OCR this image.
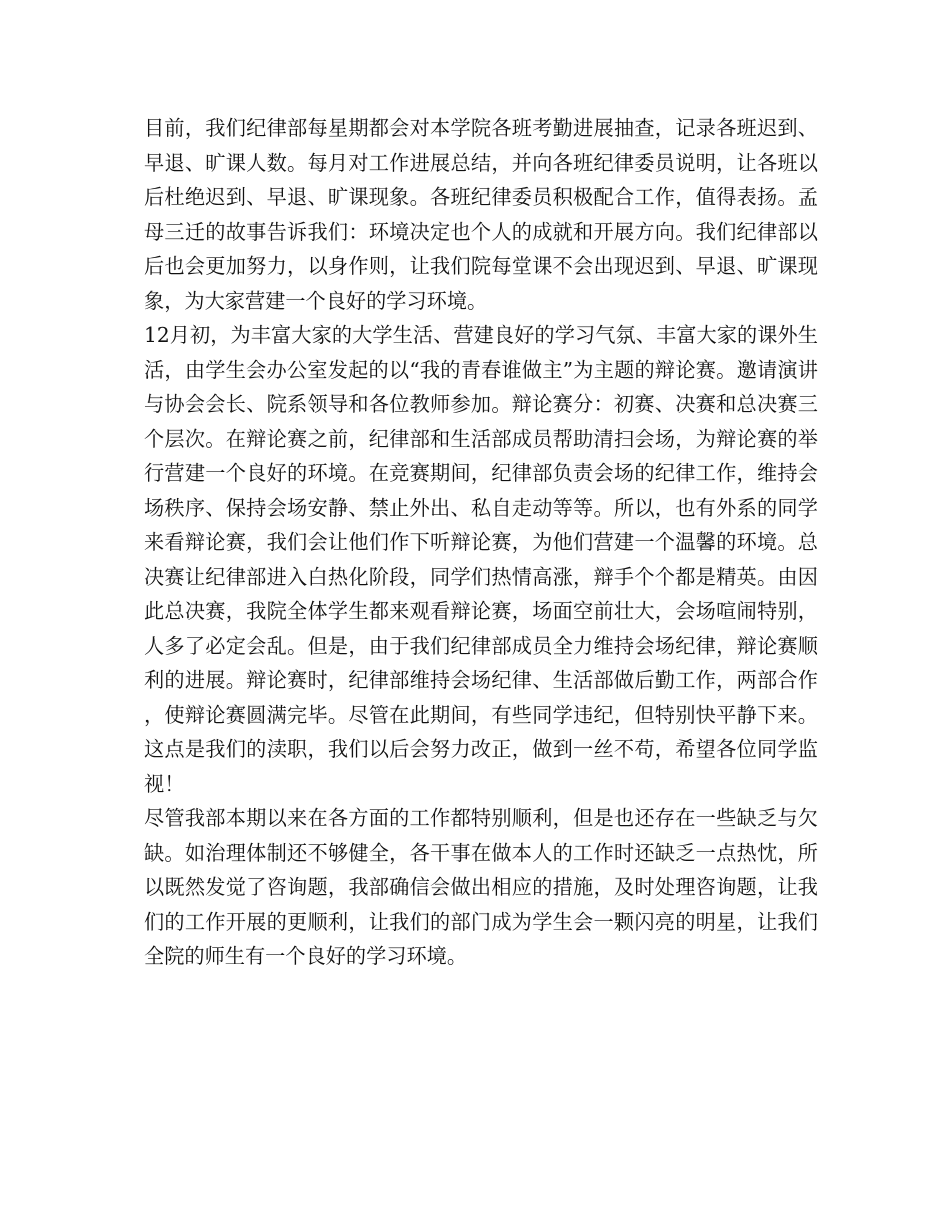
目前，我们纪律部每星期都会对本学院各班考勤进展抽查，记录各班迟到、早退、旷课人数。每月对工作进展总结，并向各班纪律委员说明，让各班以后杜绝迟到、早退、旷课现象。各班纪律委员积极配合工作，值得表扬。孟母三迁的故事告诉我们：环境决定也个人的成就和开展方向。我们纪律部以后也会更加努力，以身作则，让我们院每堂课不会出现迟到、早退、旷课现象，为大家营建一个良好的学习环境。

12月初，为丰富大家的大学生活、营建良好的学习气氛、丰富大家的课外生活，由学生会办公室发起的以“我的青春谁做主”为主题的辩论赛。邀请演讲与协会会长、院系领导和各位教师参加。辩论赛分：初赛、决赛和总决赛三个层次。在辩论赛之前，纪律部和生活部成员帮助清扫会场，为辩论赛的举行营建一个良好的环境。在竞赛期间，纪律部负责会场的纪律工作，维持会场秩序、保持会场安静、禁止外出、私自走动等等。所以，也有外系的同学来看辩论赛，我们会让他们作下听辩论赛，为他们营建一个温馨的环境。总决赛让纪律部进入白热化阶段，同学们热情高涨，辩手个个都是精英。由因此总决赛，我院全体学生都来观看辩论赛，场面空前壮大，会场喧闹特别，人多了必定会乱。但是，由于我们纪律部成员全力维持会场纪律，辩论赛顺利的进展。辩论赛时，纪律部维持会场纪律、生活部做后勤工作，两部合作，使辩论赛圆满完毕。尽管在此期间，有些同学违纪，但特别快平静下来。这点是我们的渎职，我们以后会努力改正，做到一丝不苟，希望各位同学监视！

尽管我部本期以来在各方面的工作都特别顺利，但是也还存在一些缺乏与欠缺。如治理体制还不够健全，各干事在做本人的工作时还缺乏一点热忱，所以既然发觉了咨询题，我部确信会做出相应的措施，及时处理咨询题，让我们的工作开展的更顺利，让我们的部门成为学生会一颗闪亮的明星，让我们全院的师生有一个良好的学习环境。
